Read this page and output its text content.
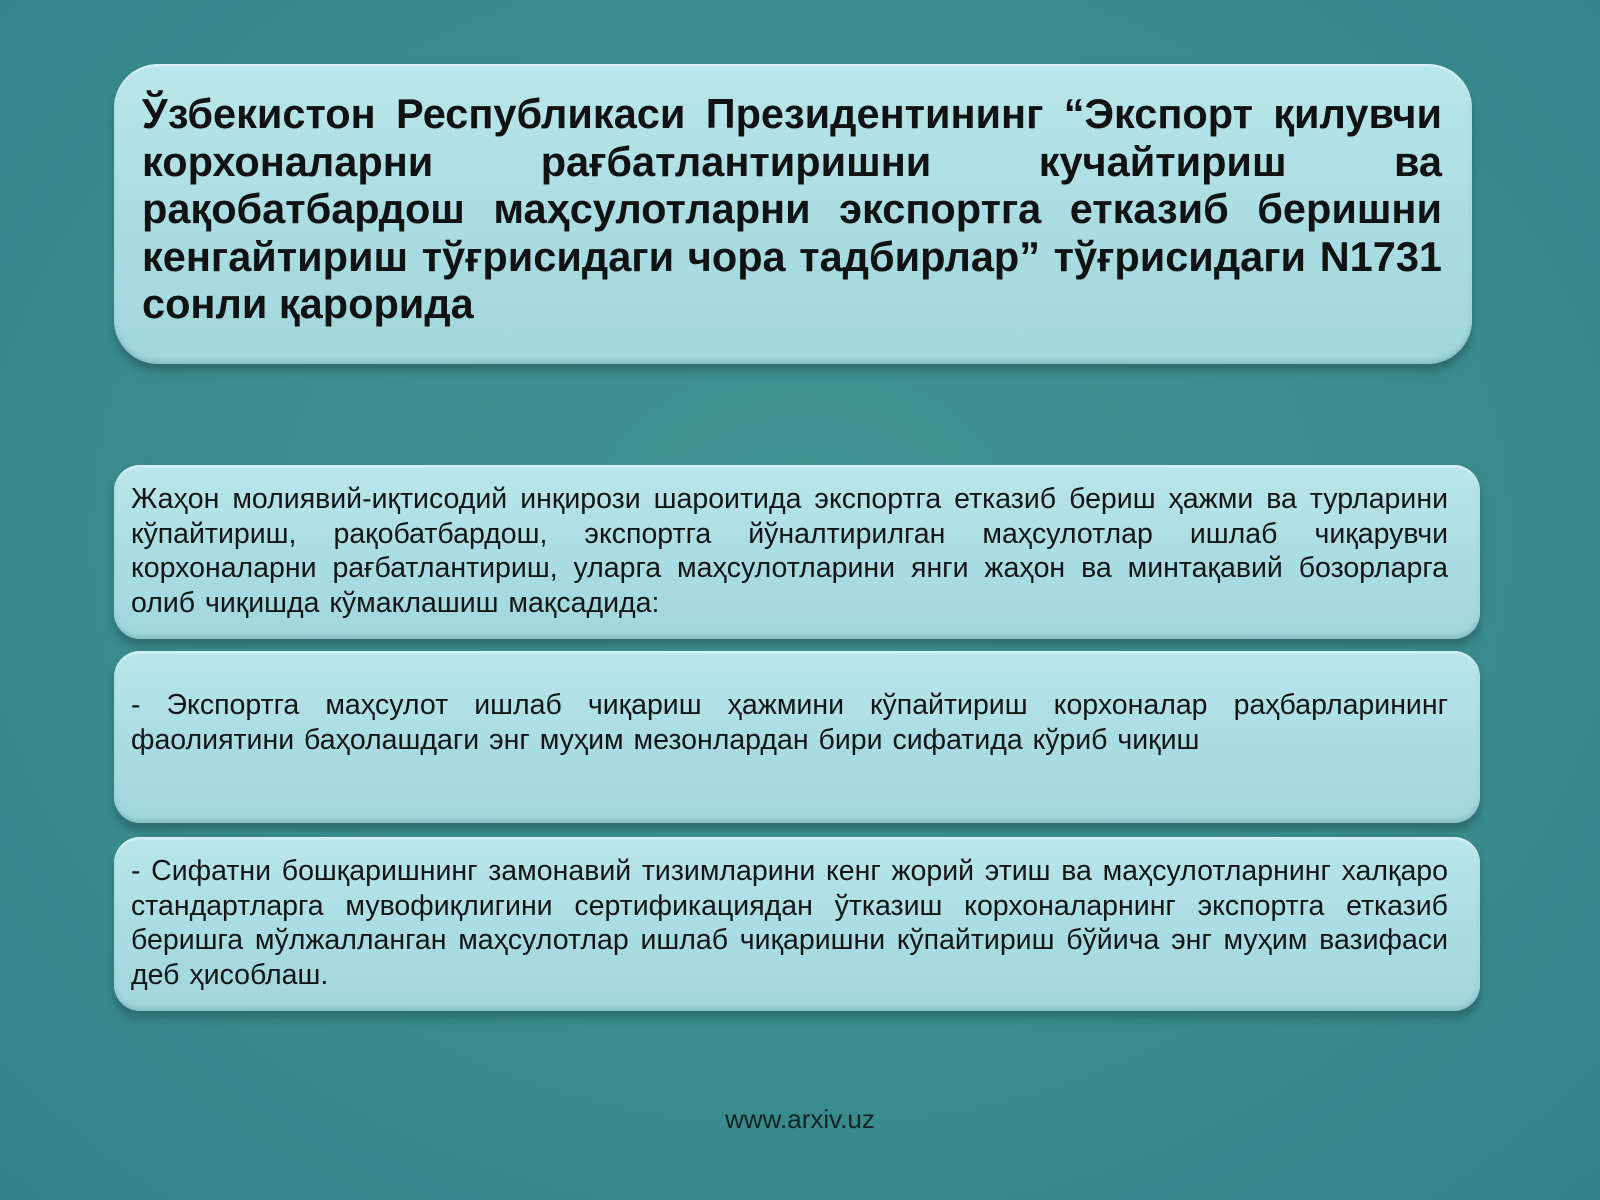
Ўзбекистон Республикаси Президентининг “Экспорт қилувчи корхоналарни рағбатлантиришни кучайтириш ва рақобатбардош маҳсулотларни экспортга етказиб беришни кенгайтириш тўғрисидаги чора тадбирлар” тўғрисидаги N1731 сонли қарорида

Жаҳон молиявий-иқтисодий инқирози шароитида экспортга етказиб бериш ҳажми ва турларини кўпайтириш, рақобатбардош, экспортга йўналтирилган маҳсулотлар ишлаб чиқарувчи корхоналарни рағбатлантириш, уларга маҳсулотларини янги жаҳон ва минтақавий бозорларга олиб чиқишда кўмаклашиш мақсадида:

- Экспортга маҳсулот ишлаб чиқариш ҳажмини кўпайтириш корхоналар раҳбарларининг фаолиятини баҳолашдаги энг муҳим мезонлардан бири сифатида кўриб чиқиш

- Сифатни бошқаришнинг замонавий тизимларини кенг жорий этиш ва маҳсулотларнинг халқаро стандартларга мувофиқлигини сертификациядан ўтказиш корхоналарнинг экспортга етказиб беришга мўлжалланган маҳсулотлар ишлаб чиқаришни кўпайтириш бўйича энг муҳим вазифаси деб ҳисоблаш.

www.arxiv.uz
